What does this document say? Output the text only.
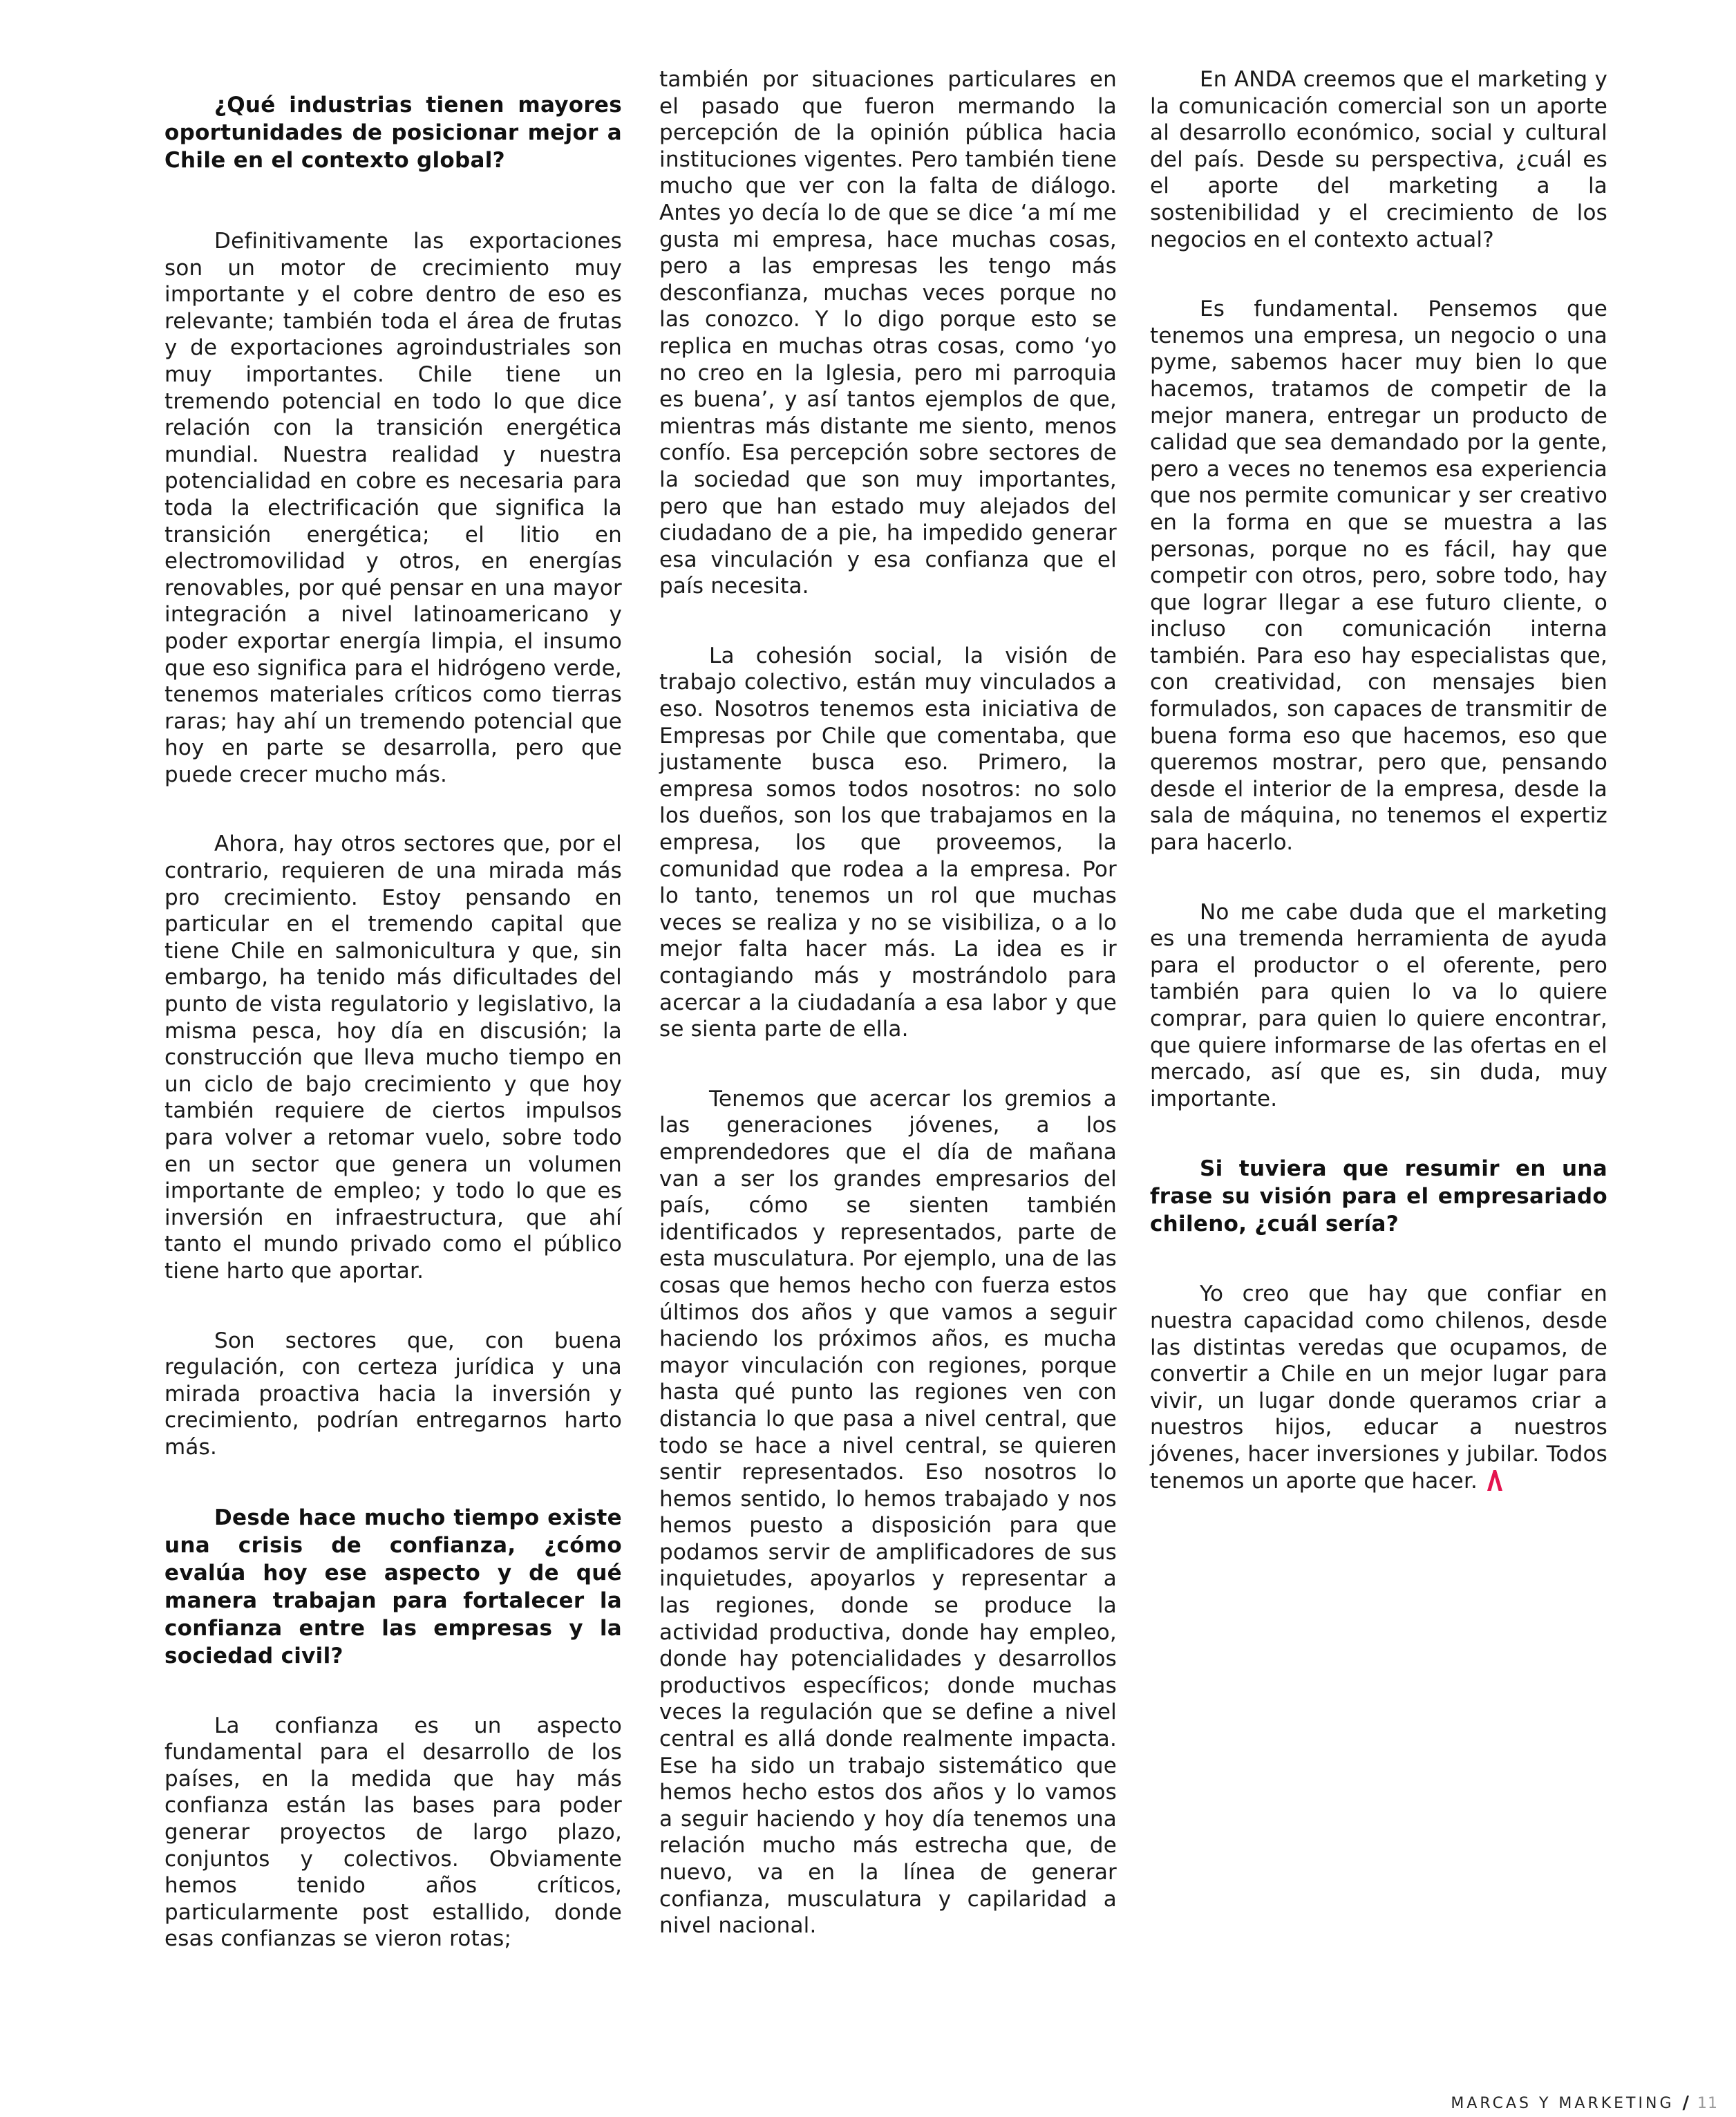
¿Qué industrias tienen mayores oportunidades de posicionar mejor a Chile en el contexto global?

Definitivamente las exportaciones son un motor de crecimiento muy importante y el cobre dentro de eso es relevante; también toda el área de frutas y de exportaciones agroindustriales son muy importantes. Chile tiene un tremendo potencial en todo lo que dice relación con la transición energética mundial. Nuestra realidad y nuestra potencialidad en cobre es necesaria para toda la electrificación que significa la transición energética; el litio en electromovilidad y otros, en energías renovables, por qué pensar en una mayor integración a nivel latinoamericano y poder exportar energía limpia, el insumo que eso significa para el hidrógeno verde, tenemos materiales críticos como tierras raras; hay ahí un tremendo potencial que hoy en parte se desarrolla, pero que puede crecer mucho más.

Ahora, hay otros sectores que, por el contrario, requieren de una mirada más pro crecimiento. Estoy pensando en particular en el tremendo capital que tiene Chile en salmonicultura y que, sin embargo, ha tenido más dificultades del punto de vista regulatorio y legislativo, la misma pesca, hoy día en discusión; la construcción que lleva mucho tiempo en un ciclo de bajo crecimiento y que hoy también requiere de ciertos impulsos para volver a retomar vuelo, sobre todo en un sector que genera un volumen importante de empleo; y todo lo que es inversión en infraestructura, que ahí tanto el mundo privado como el público tiene harto que aportar.

Son sectores que, con buena regulación, con certeza jurídica y una mirada proactiva hacia la inversión y crecimiento, podrían entregarnos harto más.

Desde hace mucho tiempo existe una crisis de confianza, ¿cómo evalúa hoy ese aspecto y de qué manera trabajan para fortalecer la confianza entre las empresas y la sociedad civil?

La confianza es un aspecto fundamental para el desarrollo de los países, en la medida que hay más confianza están las bases para poder generar proyectos de largo plazo, conjuntos y colectivos. Obviamente hemos tenido años críticos, particularmente post estallido, donde esas confianzas se vieron rotas;

también por situaciones particulares en el pasado que fueron mermando la percepción de la opinión pública hacia instituciones vigentes. Pero también tiene mucho que ver con la falta de diálogo. Antes yo decía lo de que se dice ‘a mí me gusta mi empresa, hace muchas cosas, pero a las empresas les tengo más desconfianza, muchas veces porque no las conozco. Y lo digo porque esto se replica en muchas otras cosas, como ‘yo no creo en la Iglesia, pero mi parroquia es buena’, y así tantos ejemplos de que, mientras más distante me siento, menos confío. Esa percepción sobre sectores de la sociedad que son muy importantes, pero que han estado muy alejados del ciudadano de a pie, ha impedido generar esa vinculación y esa confianza que el país necesita.

La cohesión social, la visión de trabajo colectivo, están muy vinculados a eso. Nosotros tenemos esta iniciativa de Empresas por Chile que comentaba, que justamente busca eso. Primero, la empresa somos todos nosotros: no solo los dueños, son los que trabajamos en la empresa, los que proveemos, la comunidad que rodea a la empresa. Por lo tanto, tenemos un rol que muchas veces se realiza y no se visibiliza, o a lo mejor falta hacer más. La idea es ir contagiando más y mostrándolo para acercar a la ciudadanía a esa labor y que se sienta parte de ella.

Tenemos que acercar los gremios a las generaciones jóvenes, a los emprendedores que el día de mañana van a ser los grandes empresarios del país, cómo se sienten también identificados y representados, parte de esta musculatura. Por ejemplo, una de las cosas que hemos hecho con fuerza estos últimos dos años y que vamos a seguir haciendo los próximos años, es mucha mayor vinculación con regiones, porque hasta qué punto las regiones ven con distancia lo que pasa a nivel central, que todo se hace a nivel central, se quieren sentir representados. Eso nosotros lo hemos sentido, lo hemos trabajado y nos hemos puesto a disposición para que podamos servir de amplificadores de sus inquietudes, apoyarlos y representar a las regiones, donde se produce la actividad productiva, donde hay empleo, donde hay potencialidades y desarrollos productivos específicos; donde muchas veces la regulación que se define a nivel central es allá donde realmente impacta. Ese ha sido un trabajo sistemático que hemos hecho estos dos años y lo vamos a seguir haciendo y hoy día tenemos una relación mucho más estrecha que, de nuevo, va en la línea de generar confianza, musculatura y capilaridad a nivel nacional.

En ANDA creemos que el marketing y la comunicación comercial son un aporte al desarrollo económico, social y cultural del país. Desde su perspectiva, ¿cuál es el aporte del marketing a la sostenibilidad y el crecimiento de los negocios en el contexto actual?

Es fundamental. Pensemos que tenemos una empresa, un negocio o una pyme, sabemos hacer muy bien lo que hacemos, tratamos de competir de la mejor manera, entregar un producto de calidad que sea demandado por la gente, pero a veces no tenemos esa experiencia que nos permite comunicar y ser creativo en la forma en que se muestra a las personas, porque no es fácil, hay que competir con otros, pero, sobre todo, hay que lograr llegar a ese futuro cliente, o incluso con comunicación interna también. Para eso hay especialistas que, con creatividad, con mensajes bien formulados, son capaces de transmitir de buena forma eso que hacemos, eso que queremos mostrar, pero que, pensando desde el interior de la empresa, desde la sala de máquina, no tenemos el expertiz para hacerlo.

No me cabe duda que el marketing es una tremenda herramienta de ayuda para el productor o el oferente, pero también para quien lo va lo quiere comprar, para quien lo quiere encontrar, que quiere informarse de las ofertas en el mercado, así que es, sin duda, muy importante.

Si tuviera que resumir en una frase su visión para el empresariado chileno, ¿cuál sería?

Yo creo que hay que confiar en nuestra capacidad como chilenos, desde las distintas veredas que ocupamos, de convertir a Chile en un mejor lugar para vivir, un lugar donde queramos criar a nuestros hijos, educar a nuestros jóvenes, hacer inversiones y jubilar. Todos tenemos un aporte que hacer.

MARCAS Y MARKETING / 11
